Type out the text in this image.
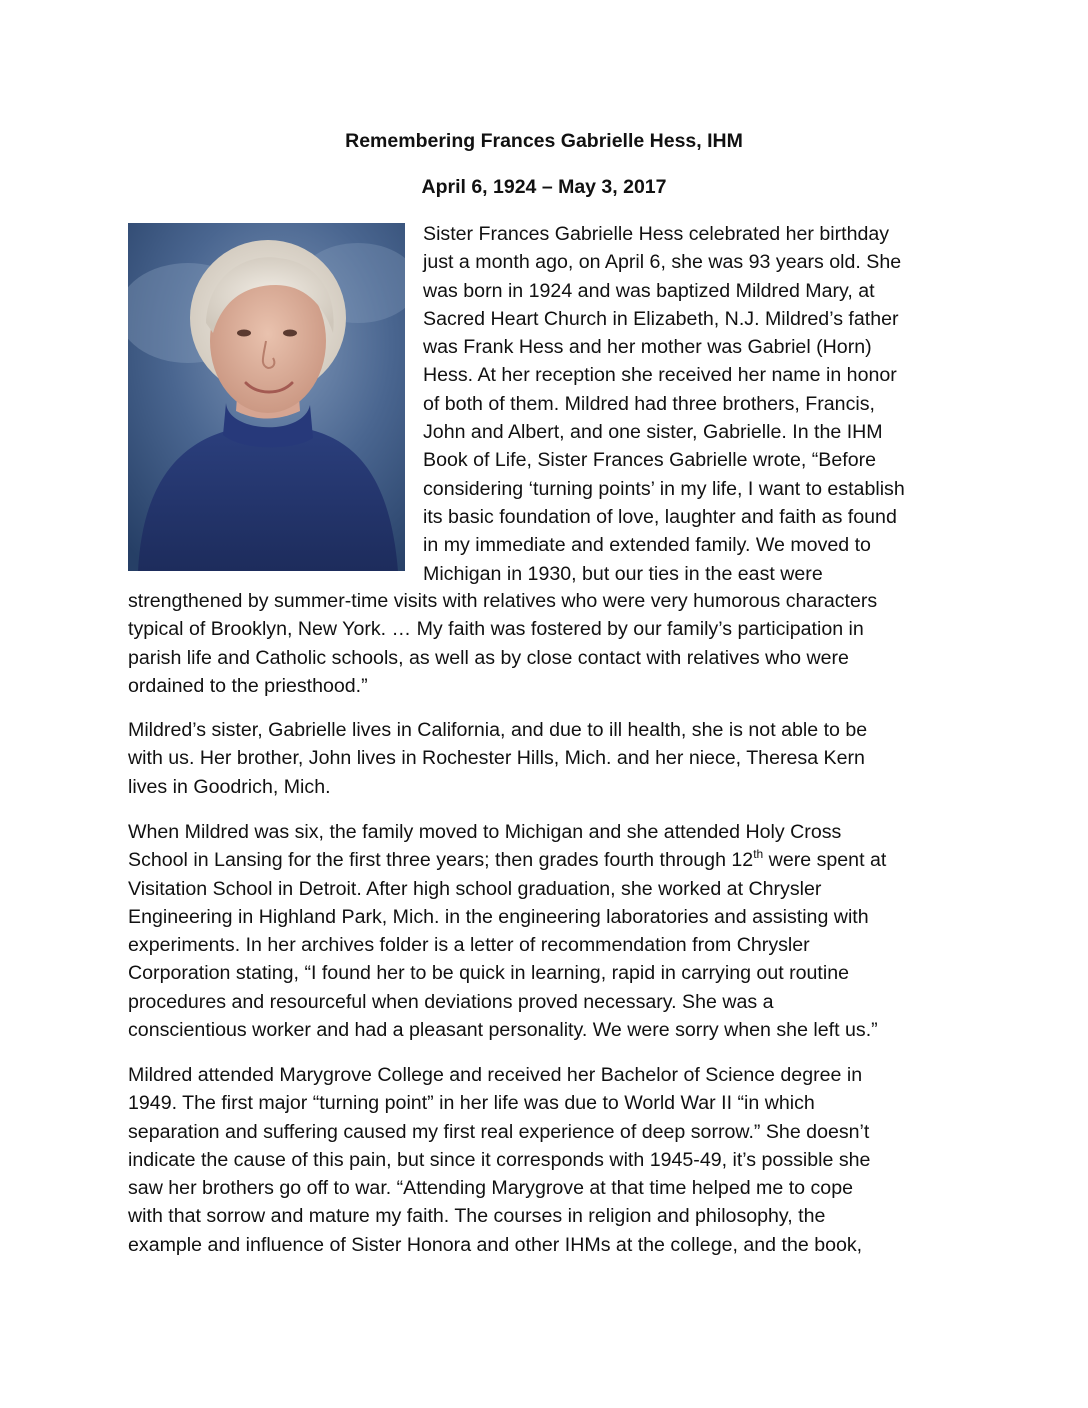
Remembering Frances Gabrielle Hess, IHM
April 6, 1924 – May 3, 2017
Sister Frances Gabrielle Hess celebrated her birthday
just a month ago, on April 6, she was 93 years old. She
was born in 1924 and was baptized Mildred Mary, at
Sacred Heart Church in Elizabeth, N.J. Mildred’s father
was Frank Hess and her mother was Gabriel (Horn)
Hess. At her reception she received her name in honor
of both of them. Mildred had three brothers, Francis,
John and Albert, and one sister, Gabrielle. In the IHM
Book of Life, Sister Frances Gabrielle wrote, “Before
considering ‘turning points’ in my life, I want to establish
its basic foundation of love, laughter and faith as found
in my immediate and extended family. We moved to
Michigan in 1930, but our ties in the east were
strengthened by summer-time visits with relatives who were very humorous characters
typical of Brooklyn, New York. … My faith was fostered by our family’s participation in
parish life and Catholic schools, as well as by close contact with relatives who were
ordained to the priesthood.”
Mildred’s sister, Gabrielle lives in California, and due to ill health, she is not able to be
with us. Her brother, John lives in Rochester Hills, Mich. and her niece, Theresa Kern
lives in Goodrich, Mich.
When Mildred was six, the family moved to Michigan and she attended Holy Cross
School in Lansing for the first three years; then grades fourth through 12th were spent at
Visitation School in Detroit. After high school graduation, she worked at Chrysler
Engineering in Highland Park, Mich. in the engineering laboratories and assisting with
experiments. In her archives folder is a letter of recommendation from Chrysler
Corporation stating, “I found her to be quick in learning, rapid in carrying out routine
procedures and resourceful when deviations proved necessary. She was a
conscientious worker and had a pleasant personality. We were sorry when she left us.”
Mildred attended Marygrove College and received her Bachelor of Science degree in
1949. The first major “turning point” in her life was due to World War II “in which
separation and suffering caused my first real experience of deep sorrow.” She doesn’t
indicate the cause of this pain, but since it corresponds with 1945-49, it’s possible she
saw her brothers go off to war. “Attending Marygrove at that time helped me to cope
with that sorrow and mature my faith. The courses in religion and philosophy, the
example and influence of Sister Honora and other IHMs at the college, and the book,
